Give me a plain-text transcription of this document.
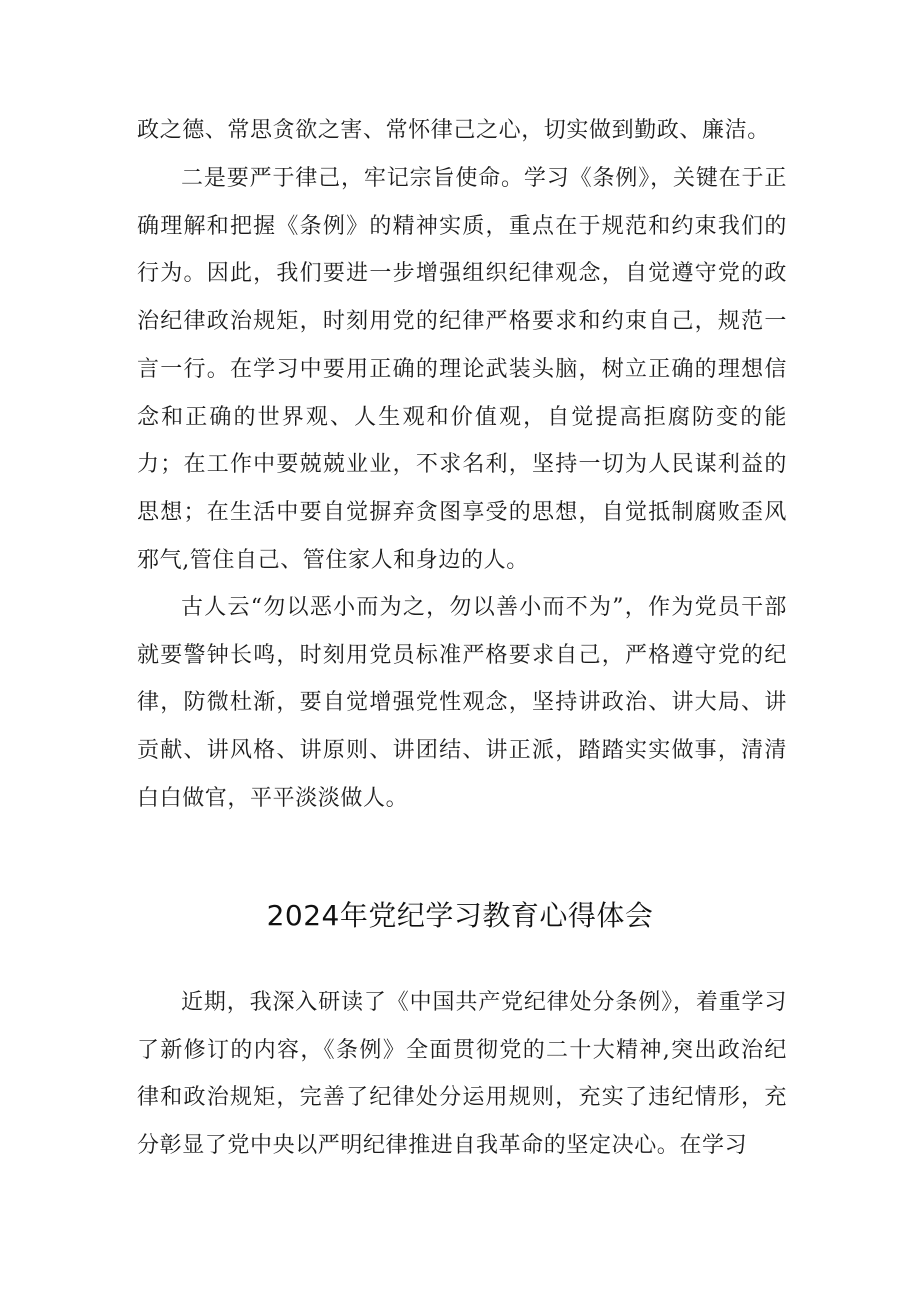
政之德、常思贪欲之害、常怀律己之心，切实做到勤政、廉洁。

二是要严于律己，牢记宗旨使命。学习《条例》，关键在于正确理解和把握《条例》的精神实质，重点在于规范和约束我们的行为。因此，我们要进一步增强组织纪律观念，自觉遵守党的政治纪律政治规矩，时刻用党的纪律严格要求和约束自己，规范一言一行。在学习中要用正确的理论武装头脑，树立正确的理想信念和正确的世界观、人生观和价值观，自觉提高拒腐防变的能力；在工作中要兢兢业业，不求名利，坚持一切为人民谋利益的思想；在生活中要自觉摒弃贪图享受的思想，自觉抵制腐败歪风邪气,管住自己、管住家人和身边的人。

古人云“勿以恶小而为之，勿以善小而不为”，作为党员干部就要警钟长鸣，时刻用党员标准严格要求自己，严格遵守党的纪律，防微杜渐，要自觉增强党性观念，坚持讲政治、讲大局、讲贡献、讲风格、讲原则、讲团结、讲正派，踏踏实实做事，清清白白做官，平平淡淡做人。

2024年党纪学习教育心得体会

近期，我深入研读了《中国共产党纪律处分条例》，着重学习了新修订的内容，《条例》全面贯彻党的二十大精神,突出政治纪律和政治规矩，完善了纪律处分运用规则，充实了违纪情形，充分彰显了党中央以严明纪律推进自我革命的坚定决心。在学习
